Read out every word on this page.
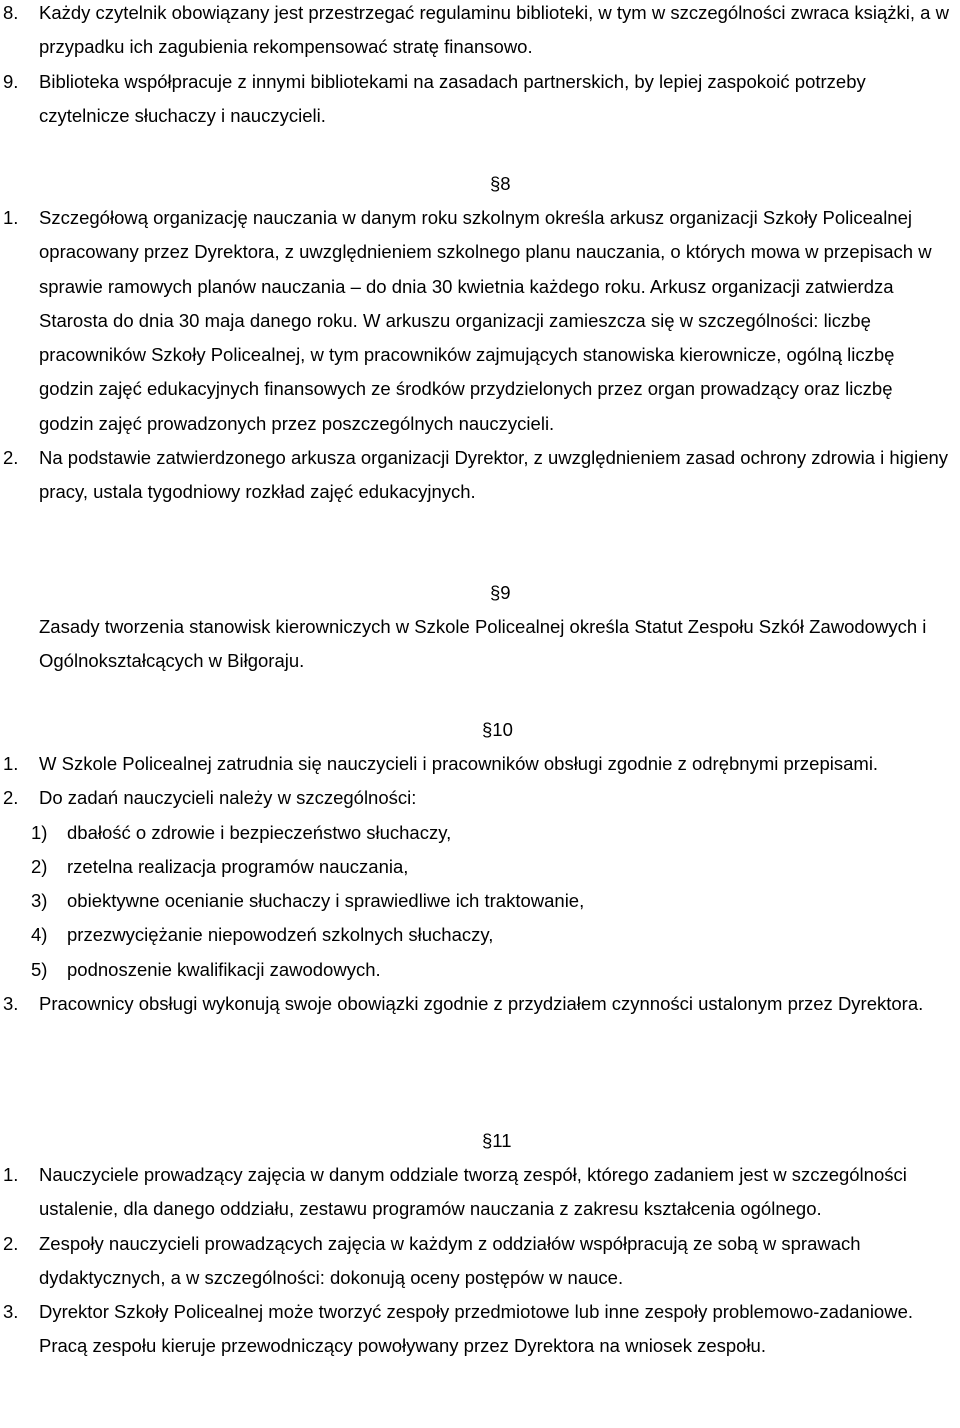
8.	Każdy czytelnik obowiązany jest przestrzegać regulaminu biblioteki, w tym w szczególności zwraca książki, a w przypadku ich zagubienia rekompensować stratę finansowo.
9.	Biblioteka współpracuje z innymi bibliotekami na zasadach partnerskich, by lepiej zaspokoić potrzeby czytelnicze słuchaczy i nauczycieli.
§8
1.	Szczegółową organizację nauczania w danym roku szkolnym określa arkusz organizacji Szkoły Policealnej opracowany przez Dyrektora, z uwzględnieniem szkolnego planu nauczania, o których mowa w przepisach w sprawie ramowych planów nauczania – do dnia 30 kwietnia każdego roku. Arkusz organizacji zatwierdza Starosta do dnia 30 maja danego roku. W arkuszu organizacji zamieszcza się w szczególności: liczbę pracowników Szkoły Policealnej, w tym pracowników zajmujących stanowiska kierownicze, ogólną liczbę godzin zajęć edukacyjnych finansowych ze środków przydzielonych przez organ prowadzący oraz liczbę godzin zajęć prowadzonych przez poszczególnych nauczycieli.
2.	Na podstawie zatwierdzonego arkusza organizacji Dyrektor, z uwzględnieniem zasad ochrony zdrowia i higieny pracy, ustala tygodniowy rozkład zajęć edukacyjnych.
§9
Zasady tworzenia stanowisk kierowniczych w Szkole Policealnej określa Statut Zespołu Szkół Zawodowych i Ogólnokształcących w Biłgoraju.
§10
1.	W Szkole Policealnej zatrudnia się nauczycieli i pracowników obsługi zgodnie z odrębnymi przepisami.
2.	Do zadań nauczycieli należy w szczególności:
1)	dbałość o zdrowie i bezpieczeństwo słuchaczy,
2)	rzetelna realizacja programów nauczania,
3)	obiektywne ocenianie słuchaczy i sprawiedliwe ich traktowanie,
4)	przezwyciężanie niepowodzeń szkolnych słuchaczy,
5)	podnoszenie kwalifikacji zawodowych.
3.	Pracownicy obsługi wykonują swoje obowiązki zgodnie z przydziałem czynności ustalonym przez Dyrektora.
§11
1.	Nauczyciele prowadzący zajęcia w danym oddziale tworzą zespół, którego zadaniem jest w szczególności ustalenie, dla danego oddziału, zestawu programów nauczania z zakresu kształcenia ogólnego.
2.	Zespoły nauczycieli prowadzących zajęcia w każdym z oddziałów współpracują ze sobą w sprawach dydaktycznych, a w szczególności: dokonują oceny postępów w nauce.
3.	Dyrektor Szkoły Policealnej może tworzyć zespoły przedmiotowe lub inne zespoły problemowo-zadaniowe. Pracą zespołu kieruje przewodniczący powoływany przez Dyrektora na wniosek zespołu.
